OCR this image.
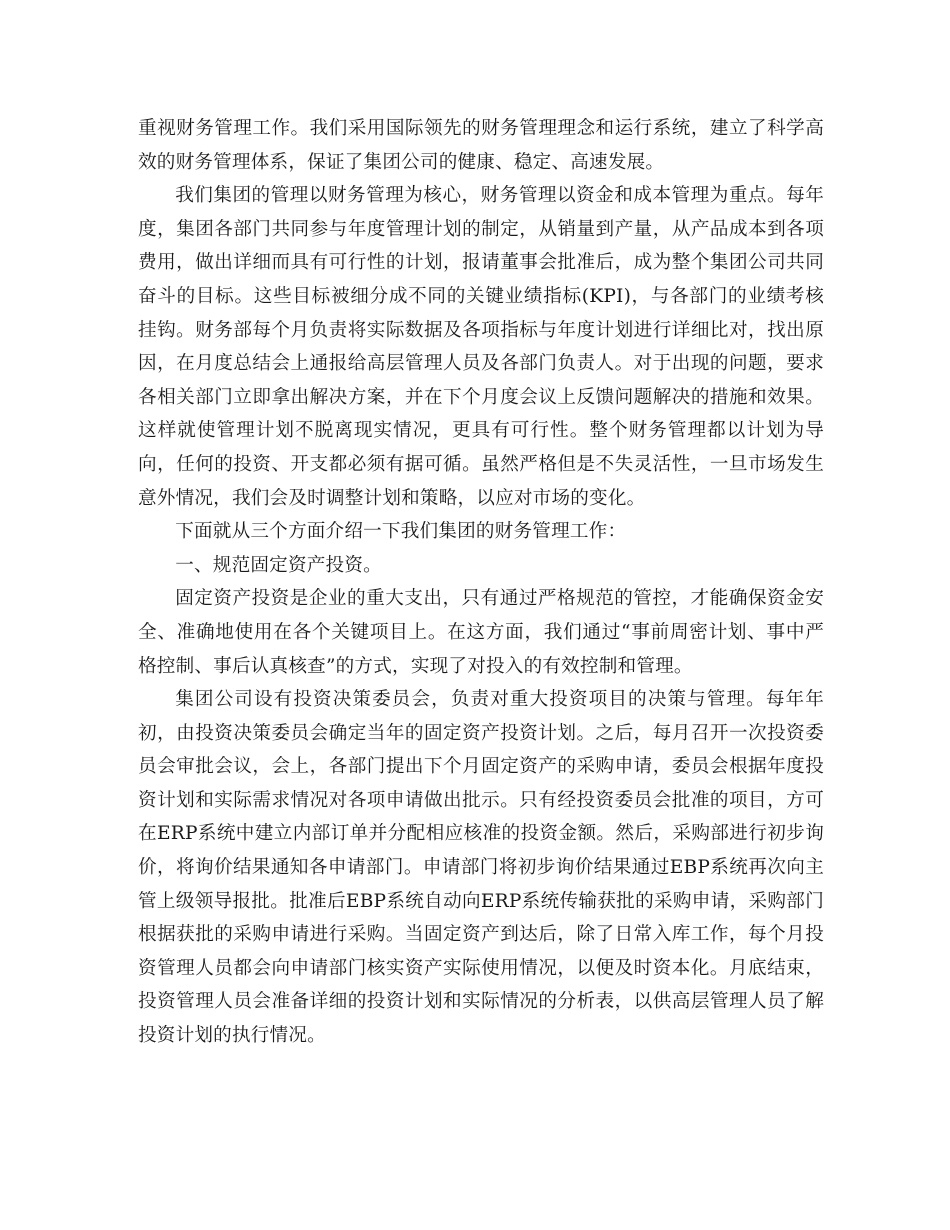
重视财务管理工作。我们采用国际领先的财务管理理念和运行系统，建立了科学高效的财务管理体系，保证了集团公司的健康、稳定、高速发展。

我们集团的管理以财务管理为核心，财务管理以资金和成本管理为重点。每年度，集团各部门共同参与年度管理计划的制定，从销量到产量，从产品成本到各项费用，做出详细而具有可行性的计划，报请董事会批准后，成为整个集团公司共同奋斗的目标。这些目标被细分成不同的关键业绩指标(KPI)，与各部门的业绩考核挂钩。财务部每个月负责将实际数据及各项指标与年度计划进行详细比对，找出原因，在月度总结会上通报给高层管理人员及各部门负责人。对于出现的问题，要求各相关部门立即拿出解决方案，并在下个月度会议上反馈问题解决的措施和效果。这样就使管理计划不脱离现实情况，更具有可行性。整个财务管理都以计划为导向，任何的投资、开支都必须有据可循。虽然严格但是不失灵活性，一旦市场发生意外情况，我们会及时调整计划和策略，以应对市场的变化。

下面就从三个方面介绍一下我们集团的财务管理工作：

一、规范固定资产投资。

固定资产投资是企业的重大支出，只有通过严格规范的管控，才能确保资金安全、准确地使用在各个关键项目上。在这方面，我们通过“事前周密计划、事中严格控制、事后认真核查”的方式，实现了对投入的有效控制和管理。

集团公司设有投资决策委员会，负责对重大投资项目的决策与管理。每年年初，由投资决策委员会确定当年的固定资产投资计划。之后，每月召开一次投资委员会审批会议，会上，各部门提出下个月固定资产的采购申请，委员会根据年度投资计划和实际需求情况对各项申请做出批示。只有经投资委员会批准的项目，方可在ERP系统中建立内部订单并分配相应核准的投资金额。然后，采购部进行初步询价，将询价结果通知各申请部门。申请部门将初步询价结果通过EBP系统再次向主管上级领导报批。批准后EBP系统自动向ERP系统传输获批的采购申请，采购部门根据获批的采购申请进行采购。当固定资产到达后，除了日常入库工作，每个月投资管理人员都会向申请部门核实资产实际使用情况，以便及时资本化。月底结束，投资管理人员会准备详细的投资计划和实际情况的分析表，以供高层管理人员了解投资计划的执行情况。
